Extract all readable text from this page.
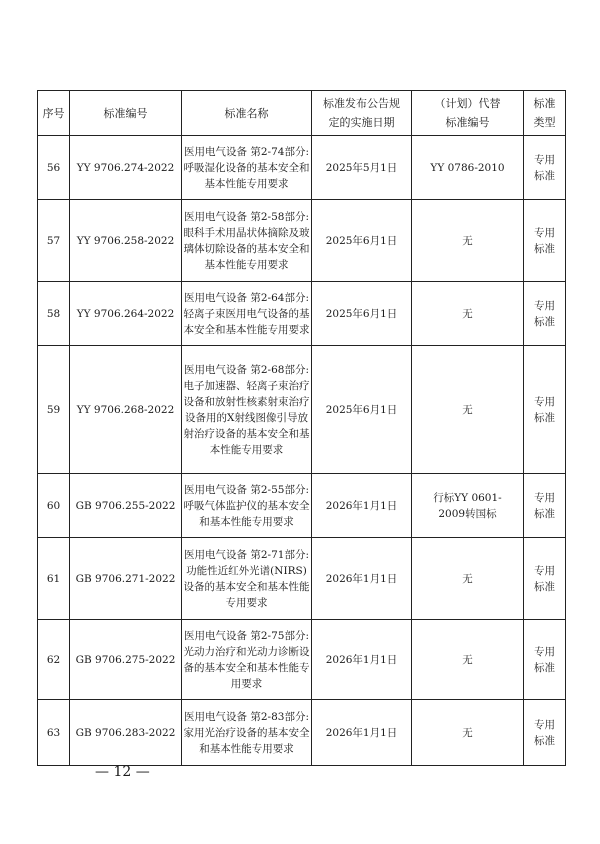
序号	标准编号	标准名称	标准发布公告规定的实施日期	（计划）代替标准编号	标准类型
56	YY 9706.274-2022	医用电气设备 第2-74部分:呼吸湿化设备的基本安全和基本性能专用要求	2025年5月1日	YY 0786-2010	专用标准
57	YY 9706.258-2022	医用电气设备 第2-58部分:眼科手术用晶状体摘除及玻璃体切除设备的基本安全和基本性能专用要求	2025年6月1日	无	专用标准
58	YY 9706.264-2022	医用电气设备 第2-64部分:轻离子束医用电气设备的基本安全和基本性能专用要求	2025年6月1日	无	专用标准
59	YY 9706.268-2022	医用电气设备 第2-68部分:电子加速器、轻离子束治疗设备和放射性核素射束治疗设备用的X射线图像引导放射治疗设备的基本安全和基本性能专用要求	2025年6月1日	无	专用标准
60	GB 9706.255-2022	医用电气设备 第2-55部分:呼吸气体监护仪的基本安全和基本性能专用要求	2026年1月1日	行标YY 0601-2009转国标	专用标准
61	GB 9706.271-2022	医用电气设备 第2-71部分:功能性近红外光谱(NIRS)设备的基本安全和基本性能专用要求	2026年1月1日	无	专用标准
62	GB 9706.275-2022	医用电气设备 第2-75部分:光动力治疗和光动力诊断设备的基本安全和基本性能专用要求	2026年1月1日	无	专用标准
63	GB 9706.283-2022	医用电气设备 第2-83部分:家用光治疗设备的基本安全和基本性能专用要求	2026年1月1日	无	专用标准
— 12 —
